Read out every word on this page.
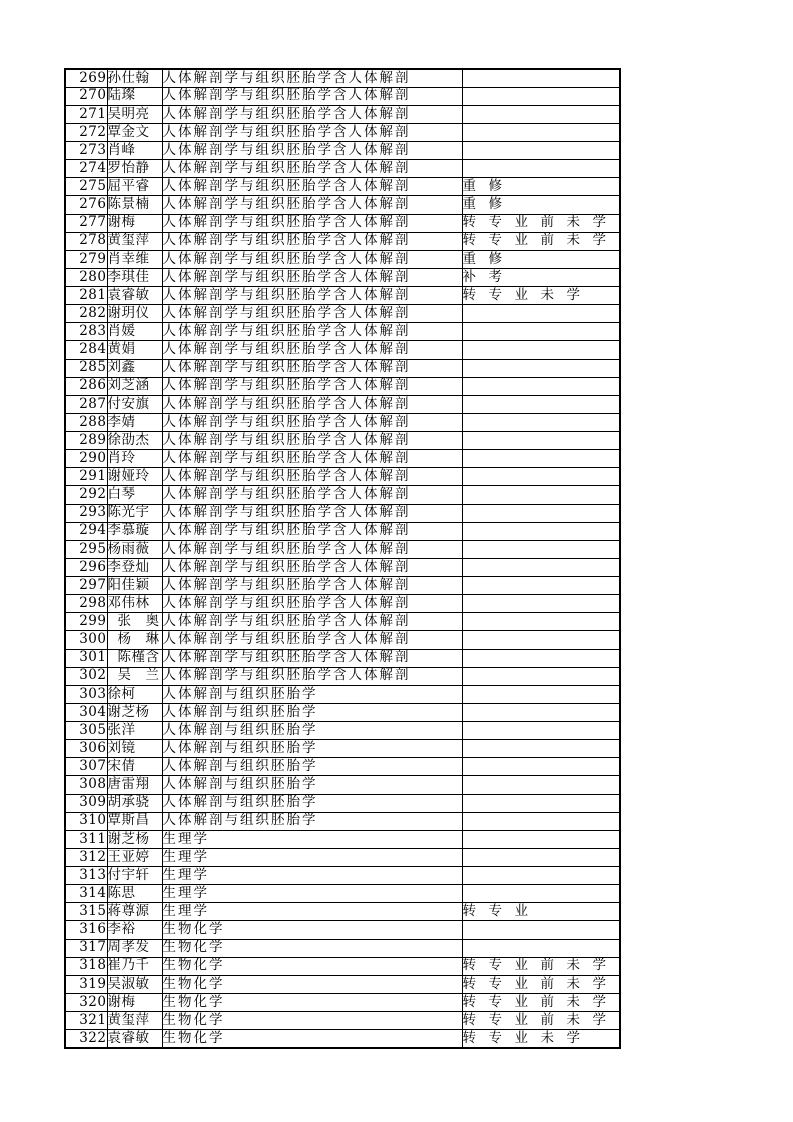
269	孙仕翰	人体解剖学与组织胚胎学含人体解剖	
270	陆璨	人体解剖学与组织胚胎学含人体解剖	
271	吴明亮	人体解剖学与组织胚胎学含人体解剖	
272	覃金文	人体解剖学与组织胚胎学含人体解剖	
273	肖峰	人体解剖学与组织胚胎学含人体解剖	
274	罗怡静	人体解剖学与组织胚胎学含人体解剖	
275	屈平睿	人体解剖学与组织胚胎学含人体解剖	重修
276	陈景楠	人体解剖学与组织胚胎学含人体解剖	重修
277	谢梅	人体解剖学与组织胚胎学含人体解剖	转专业前未学
278	黄玺萍	人体解剖学与组织胚胎学含人体解剖	转专业前未学
279	肖幸维	人体解剖学与组织胚胎学含人体解剖	重修
280	李琪佳	人体解剖学与组织胚胎学含人体解剖	补考
281	袁睿敏	人体解剖学与组织胚胎学含人体解剖	转专业未学
282	谢玥仪	人体解剖学与组织胚胎学含人体解剖	
283	肖媛	人体解剖学与组织胚胎学含人体解剖	
284	黄娟	人体解剖学与组织胚胎学含人体解剖	
285	刘鑫	人体解剖学与组织胚胎学含人体解剖	
286	刘芝涵	人体解剖学与组织胚胎学含人体解剖	
287	付安旗	人体解剖学与组织胚胎学含人体解剖	
288	李婧	人体解剖学与组织胚胎学含人体解剖	
289	徐劭杰	人体解剖学与组织胚胎学含人体解剖	
290	肖玲	人体解剖学与组织胚胎学含人体解剖	
291	谢娅玲	人体解剖学与组织胚胎学含人体解剖	
292	白琴	人体解剖学与组织胚胎学含人体解剖	
293	陈光宇	人体解剖学与组织胚胎学含人体解剖	
294	李慕璇	人体解剖学与组织胚胎学含人体解剖	
295	杨雨薇	人体解剖学与组织胚胎学含人体解剖	
296	李登灿	人体解剖学与组织胚胎学含人体解剖	
297	阳佳颖	人体解剖学与组织胚胎学含人体解剖	
298	邓伟林	人体解剖学与组织胚胎学含人体解剖	
299	张　奥	人体解剖学与组织胚胎学含人体解剖	
300	杨　琳	人体解剖学与组织胚胎学含人体解剖	
301	陈槿含	人体解剖学与组织胚胎学含人体解剖	
302	吴　兰	人体解剖学与组织胚胎学含人体解剖	
303	徐柯	人体解剖与组织胚胎学	
304	谢芝杨	人体解剖与组织胚胎学	
305	张洋	人体解剖与组织胚胎学	
306	刘镜	人体解剖与组织胚胎学	
307	宋倩	人体解剖与组织胚胎学	
308	唐雷翔	人体解剖与组织胚胎学	
309	胡承骁	人体解剖与组织胚胎学	
310	覃斯昌	人体解剖与组织胚胎学	
311	谢芝杨	生理学	
312	王亚婷	生理学	
313	付宇轩	生理学	
314	陈思	生理学	
315	蒋尊源	生理学	转专业
316	李裕	生物化学	
317	周孝发	生物化学	
318	崔乃千	生物化学	转专业前未学
319	吴淑敏	生物化学	转专业前未学
320	谢梅	生物化学	转专业前未学
321	黄玺萍	生物化学	转专业前未学
322	袁睿敏	生物化学	转专业未学
